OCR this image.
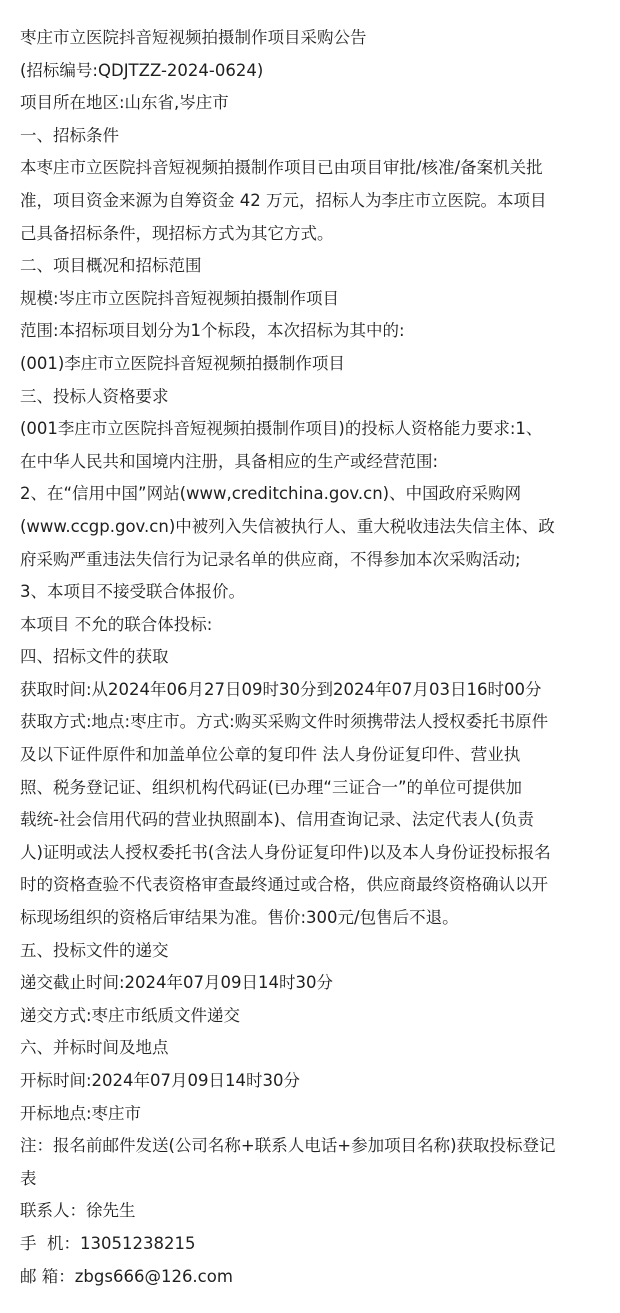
枣庄市立医院抖音短视频拍摄制作项目采购公告

(招标编号:QDJTZZ-2024-0624)

项目所在地区:山东省,岑庄市

一、招标条件

本枣庄市立医院抖音短视频拍摄制作项目已由项目审批/核准/备案机关批

准，项目资金来源为自筹资金 42 万元，招标人为李庄市立医院。本项目

己具备招标条件，现招标方式为其它方式。

二、项目概况和招标范围

规模:岑庄市立医院抖音短视频拍摄制作项目

范围:本招标项目划分为1个标段，本次招标为其中的:

(001)李庄市立医院抖音短视频拍摄制作项目

三、投标人资格要求

(001李庄市立医院抖音短视频拍摄制作项目)的投标人资格能力要求:1、

在中华人民共和国境内注册，具备相应的生产或经营范围:

2、在“信用中国”网站(www,creditchina.gov.cn)、中国政府采购网

(www.ccgp.gov.cn)中被列入失信被执行人、重大税收违法失信主体、政

府采购严重违法失信行为记录名单的供应商，不得参加本次采购活动;

3、本项目不接受联合体报价。

本项目 不允的联合体投标:

四、招标文件的获取

获取时间:从2024年06月27日09时30分到2024年07月03日16时00分

获取方式:地点:枣庄市。方式:购买采购文件时须携带法人授权委托书原件

及以下证件原件和加盖单位公章的复印件 法人身份证复印件、营业执

照、税务登记证、组织机构代码证(已办理“三证合一”的单位可提供加

载统-社会信用代码的营业执照副本)、信用查询记录、法定代表人(负责

人)证明或法人授权委托书(含法人身份证复印件)以及本人身份证投标报名

时的资格查验不代表资格审查最终通过或合格，供应商最终资格确认以开

标现场组织的资格后审结果为准。售价:300元/包售后不退。

五、投标文件的递交

递交截止时间:2024年07月09日14时30分

递交方式:枣庄市纸质文件递交

六、并标时间及地点

开标时间:2024年07月09日14时30分

开标地点:枣庄市

注：报名前邮件发送(公司名称+联系人电话+参加项目名称)获取投标登记

表

联系人：徐先生

手  机：13051238215

邮 箱：zbgs666@126.com
